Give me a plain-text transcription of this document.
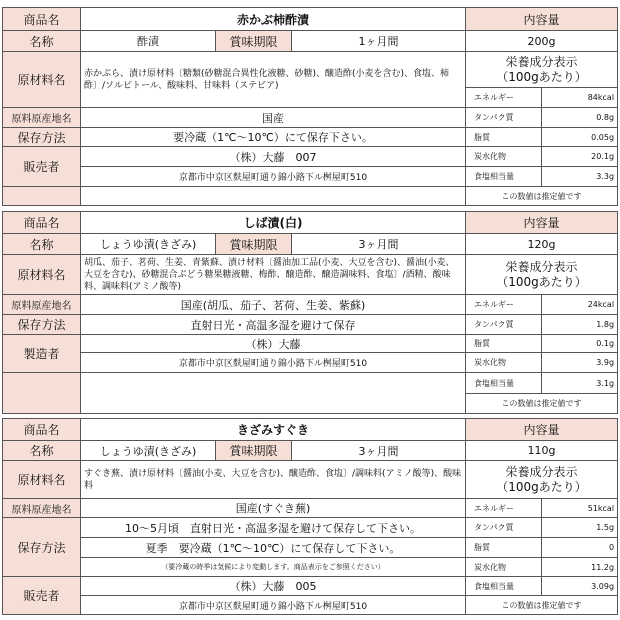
商品名	赤かぶ柿酢漬			内容量	
名称	酢漬	賞味期限	1ヶ月間	200g	
原材料名	赤かぶら、漬け原材料〔糖類(砂糖混合異性化液糖、砂糖)、醸造酢(小麦を含む)、食塩、柿酢〕/ソルビトール、酸味料、甘味料（ステビア)			栄養成分表示
（100gあたり）	
				エネルギー	84kcal
原料原産地名	国産			タンパク質	0.8g
保存方法	要冷蔵（1℃〜10℃）にて保存下さい。			脂質	0.05g
販売者	（株）大藤　007			炭水化物	20.1g
	京都市中京区麩屋町通り錦小路下ル桝屋町510			食塩相当量	3.3g
				この数値は推定値です	
商品名	しば漬(白)			内容量	
名称	しょうゆ漬(きざみ)	賞味期限	3ヶ月間	120g	
原材料名	胡瓜、茄子、茗荷、生姜、青紫蘇、漬け材料〔醤油加工品(小麦、大豆を含む)、醤油(小麦、大豆を含む)、砂糖混合ぶどう糖果糖液糖、梅酢、醸造酢、醸造調味料、食塩〕/酒精、酸味料、調味料(アミノ酸等)			栄養成分表示
（100gあたり）	
原料原産地名	国産(胡瓜、茄子、茗荷、生姜、紫蘇)			エネルギー	24kcal
保存方法	直射日光・高温多湿を避けて保存			タンパク質	1.8g
製造者	（株）大藤			脂質	0.1g
	京都市中京区麩屋町通り錦小路下ル桝屋町510			炭水化物	3.9g
				食塩相当量	3.1g
				この数値は推定値です	
商品名	きざみすぐき			内容量	
名称	しょうゆ漬(きざみ)	賞味期限	3ヶ月間	110g	
原材料名	すぐき蕪、漬け原材料〔醤油(小麦、大豆を含む)、醸造酢、食塩〕/調味料(アミノ酸等)、酸味料			栄養成分表示
（100gあたり）	
原料原産地名	国産(すぐき蕪)			エネルギー	51kcal
保存方法	10〜5月頃　直射日光・高温多湿を避けて保存して下さい。			タンパク質	1.5g
	夏季　要冷蔵（1℃〜10℃）にて保存して下さい。			脂質	0
	（要冷蔵の時季は気候により変動します。商品表示をご参照ください）			炭水化物	11.2g
販売者	（株）大藤　005			食塩相当量	3.09g
	京都市中京区麩屋町通り錦小路下ル桝屋町510			この数値は推定値です	
